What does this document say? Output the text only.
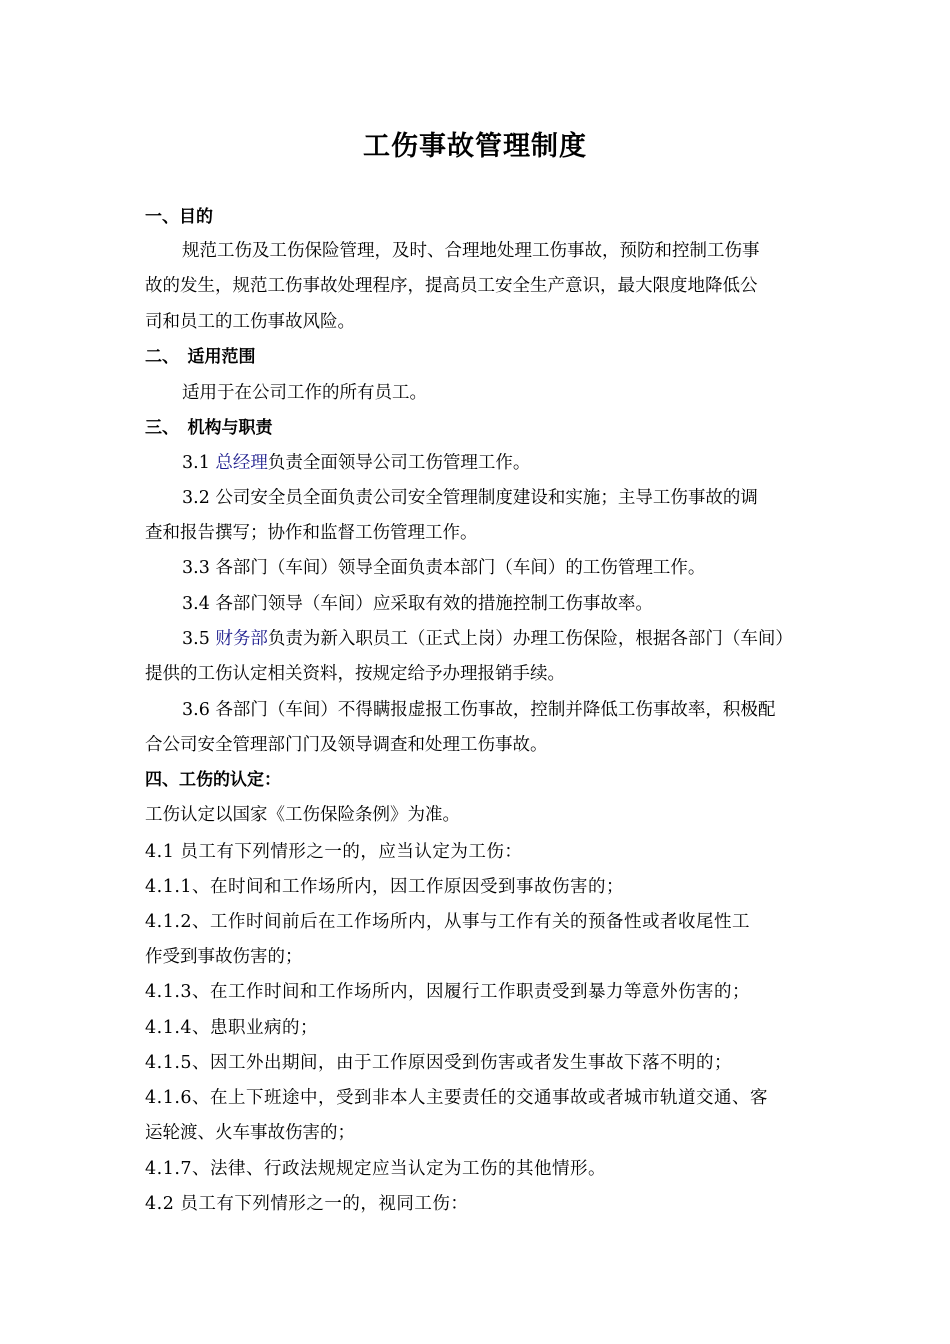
工伤事故管理制度
一、目的
规范工伤及工伤保险管理，及时、合理地处理工伤事故，预防和控制工伤事
故的发生，规范工伤事故处理程序，提高员工安全生产意识，最大限度地降低公
司和员工的工伤事故风险。
二、　适用范围
适用于在公司工作的所有员工。
三、　机构与职责
3.1 总经理负责全面领导公司工伤管理工作。
3.2 公司安全员全面负责公司安全管理制度建设和实施；主导工伤事故的调
查和报告撰写；协作和监督工伤管理工作。
3.3 各部门（车间）领导全面负责本部门（车间）的工伤管理工作。
3.4 各部门领导（车间）应采取有效的措施控制工伤事故率。
3.5 财务部负责为新入职员工（正式上岗）办理工伤保险，根据各部门（车间）
提供的工伤认定相关资料，按规定给予办理报销手续。
3.6 各部门（车间）不得瞒报虚报工伤事故，控制并降低工伤事故率，积极配
合公司安全管理部门门及领导调查和处理工伤事故。
四、工伤的认定：
工伤认定以国家《工伤保险条例》为准。
4.1 员工有下列情形之一的，应当认定为工伤：
4.1.1、在时间和工作场所内，因工作原因受到事故伤害的；
4.1.2、工作时间前后在工作场所内，从事与工作有关的预备性或者收尾性工
作受到事故伤害的；
4.1.3、在工作时间和工作场所内，因履行工作职责受到暴力等意外伤害的；
4.1.4、患职业病的；
4.1.5、因工外出期间，由于工作原因受到伤害或者发生事故下落不明的；
4.1.6、在上下班途中，受到非本人主要责任的交通事故或者城市轨道交通、客
运轮渡、火车事故伤害的；
4.1.7、法律、行政法规规定应当认定为工伤的其他情形。
4.2 员工有下列情形之一的，视同工伤：
